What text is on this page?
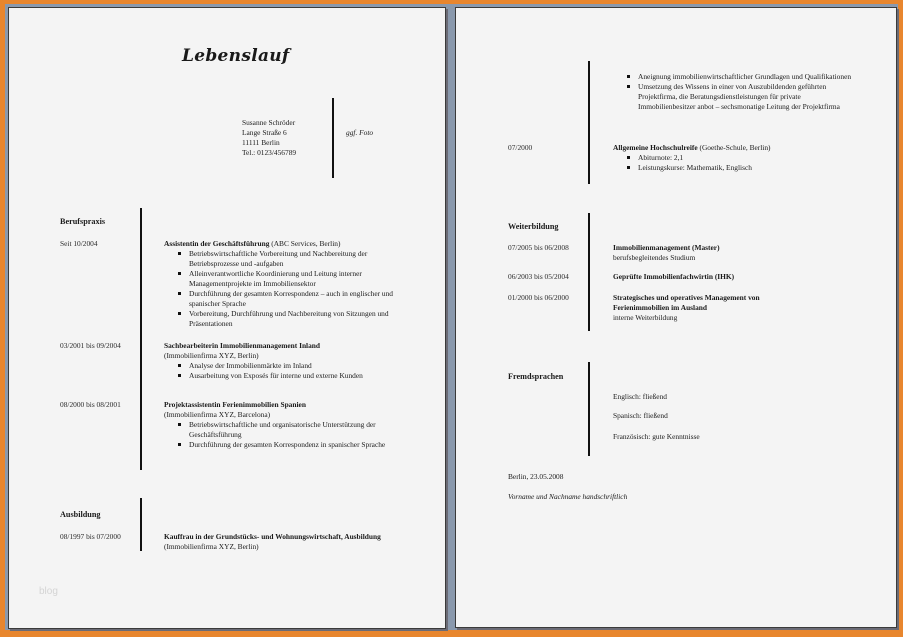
Lebenslauf
Susanne Schröder
Lange Straße 6
11111 Berlin
Tel.: 0123/456789
ggf. Foto
Berufspraxis
Seit 10/2004	Assistentin der Geschäftsführung (ABC Services, Berlin)
Betriebswirtschaftliche Vorbereitung und Nachbereitung der Betriebsprozesse und -aufgaben
Alleinverantwortliche Koordinierung und Leitung interner Managementprojekte im Immobiliensektor
Durchführung der gesamten Korrespondenz – auch in englischer und spanischer Sprache
Vorbereitung, Durchführung und Nachbereitung von Sitzungen und Präsentationen
03/2001 bis 09/2004	Sachbearbeiterin Immobilienmanagement Inland
(Immobilienfirma XYZ, Berlin)
Analyse der Immobilienmärkte im Inland
Ausarbeitung von Exposés für interne und externe Kunden
08/2000 bis 08/2001	Projektassistentin Ferienimmobilien Spanien
(Immobilienfirma XYZ, Barcelona)
Betriebswirtschaftliche und organisatorische Unterstützung der Geschäftsführung
Durchführung der gesamten Korrespondenz in spanischer Sprache
Ausbildung
08/1997 bis 07/2000	Kauffrau in der Grundstücks- und Wohnungswirtschaft, Ausbildung (Immobilienfirma XYZ, Berlin)
blog
Aneignung immobilienwirtschaftlicher Grundlagen und Qualifikationen
Umsetzung des Wissens in einer von Auszubildenden geführten Projektfirma, die Beratungsdienstleistungen für private Immobilienbesitzer anbot – sechsmonatige Leitung der Projektfirma
07/2000	Allgemeine Hochschulreife (Goethe-Schule, Berlin)
Abiturnote: 2,1
Leistungskurse: Mathematik, Englisch
Weiterbildung
07/2005 bis 06/2008	Immobilienmanagement (Master)
berufsbegleitendes Studium
06/2003 bis 05/2004	Geprüfte Immobilienfachwirtin (IHK)
01/2000 bis 06/2000	Strategisches und operatives Management von Ferienimmobilien im Ausland
interne Weiterbildung
Fremdsprachen
Englisch: fließend
Spanisch: fließend
Französisch: gute Kenntnisse
Berlin, 23.05.2008
Vorname und Nachname handschriftlich
